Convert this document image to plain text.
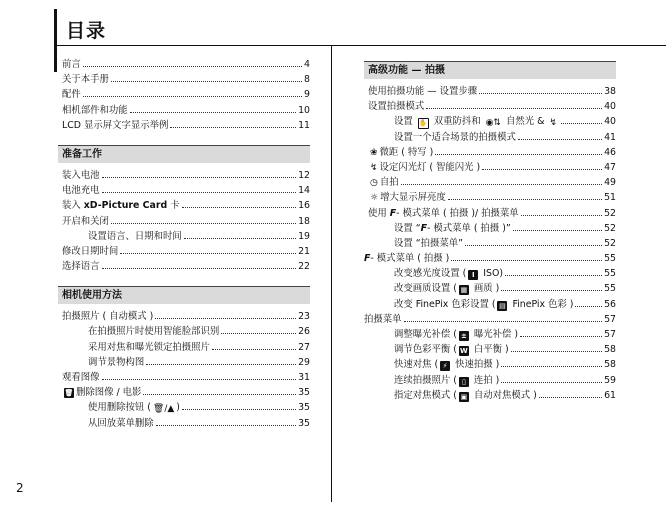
目录
2
前言	4
关于本手册	8
配件	9
相机部件和功能	10
LCD 显示屏文字显示举例	11
准备工作
装入电池	12
电池充电	14
装入 xD-Picture Card 卡	16
开启和关闭	18
设置语言、日期和时间	19
修改日期时间	21
选择语言	22
相机使用方法
拍摄照片 ( 自动模式 )	23
在拍摄照片时使用智能脸部识别	26
采用对焦和曝光锁定拍摄照片	27
调节景物构图	29
观看图像	31
🗑 删除图像 / 电影	35
使用删除按钮 ( 🗑/▲ )	35
从回放菜单删除	35
高级功能 — 拍摄
使用拍摄功能 — 设置步骤	38
设置拍摄模式	40
设置 ✋ 双重防抖和 ◉⇅ 自然光 & ↯	40
设置一个适合场景的拍摄模式	41
❀ 微距 ( 特写 )	46
↯ 设定闪光灯 ( 智能闪光 )	47
◷ 自拍	49
☼ 增大显示屏亮度	51
使用 F- 模式菜单 ( 拍摄 )/ 拍摄菜单	52
设置 “F- 模式菜单 ( 拍摄 )”	52
设置 “拍摄菜单”	52
F- 模式菜单 ( 拍摄 )	55
改变感光度设置 ( I ISO)	55
改变画质设置 ( ▦ 画质 )	55
改变 FinePix 色彩设置 ( ▤ FinePix 色彩 )	56
拍摄菜单	57
调整曝光补偿 ( ± 曝光补偿 )	57
调节色彩平衡 ( W 白平衡 )	58
快速对焦 ( ⚡ 快速拍摄 )	58
连续拍摄照片 ( ▯ 连拍 )	59
指定对焦模式 ( ▣ 自动对焦模式 )	61
